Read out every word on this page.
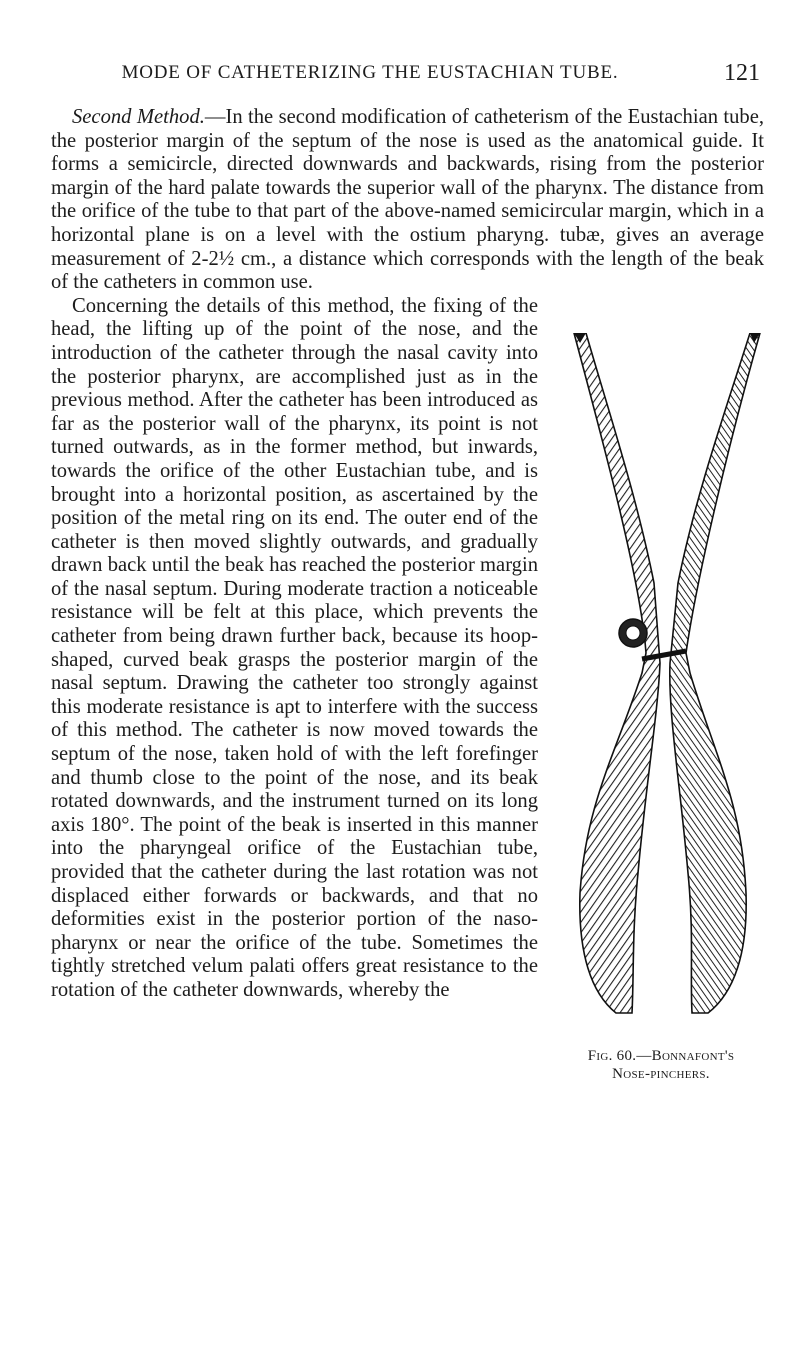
MODE OF CATHETERIZING THE EUSTACHIAN TUBE.	121

Second Method.—In the second modification of catheterism of the Eustachian tube, the posterior margin of the septum of the nose is used as the anatomical guide. It forms a semicircle, directed downwards and backwards, rising from the posterior margin of the hard palate towards the superior wall of the pharynx. The distance from the orifice of the tube to that part of the above-named semicircular margin, which in a horizontal plane is on a level with the ostium pharyng. tubæ, gives an average measurement of 2-2½ cm., a distance which corresponds with the length of the beak of the catheters in common use.

Fig. 60.—Bonnafont's
Nose-pinchers.

Concerning the details of this method, the fixing of the head, the lifting up of the point of the nose, and the introduction of the catheter through the nasal cavity into the posterior pharynx, are accomplished just as in the previous method. After the catheter has been introduced as far as the posterior wall of the pharynx, its point is not turned outwards, as in the former method, but inwards, towards the orifice of the other Eustachian tube, and is brought into a horizontal position, as ascertained by the position of the metal ring on its end. The outer end of the catheter is then moved slightly outwards, and gradually drawn back until the beak has reached the posterior margin of the nasal septum. During moderate traction a noticeable resistance will be felt at this place, which prevents the catheter from being drawn further back, because its hoop-shaped, curved beak grasps the posterior margin of the nasal septum. Drawing the catheter too strongly against this moderate resistance is apt to interfere with the success of this method. The catheter is now moved towards the septum of the nose, taken hold of with the left forefinger and thumb close to the point of the nose, and its beak rotated downwards, and the instrument turned on its long axis 180°. The point of the beak is inserted in this manner into the pharyngeal orifice of the Eustachian tube, provided that the catheter during the last rotation was not displaced either forwards or backwards, and that no deformities exist in the posterior portion of the naso-pharynx or near the orifice of the tube. Sometimes the tightly stretched velum palati offers great resistance to the rotation of the catheter downwards, whereby the
